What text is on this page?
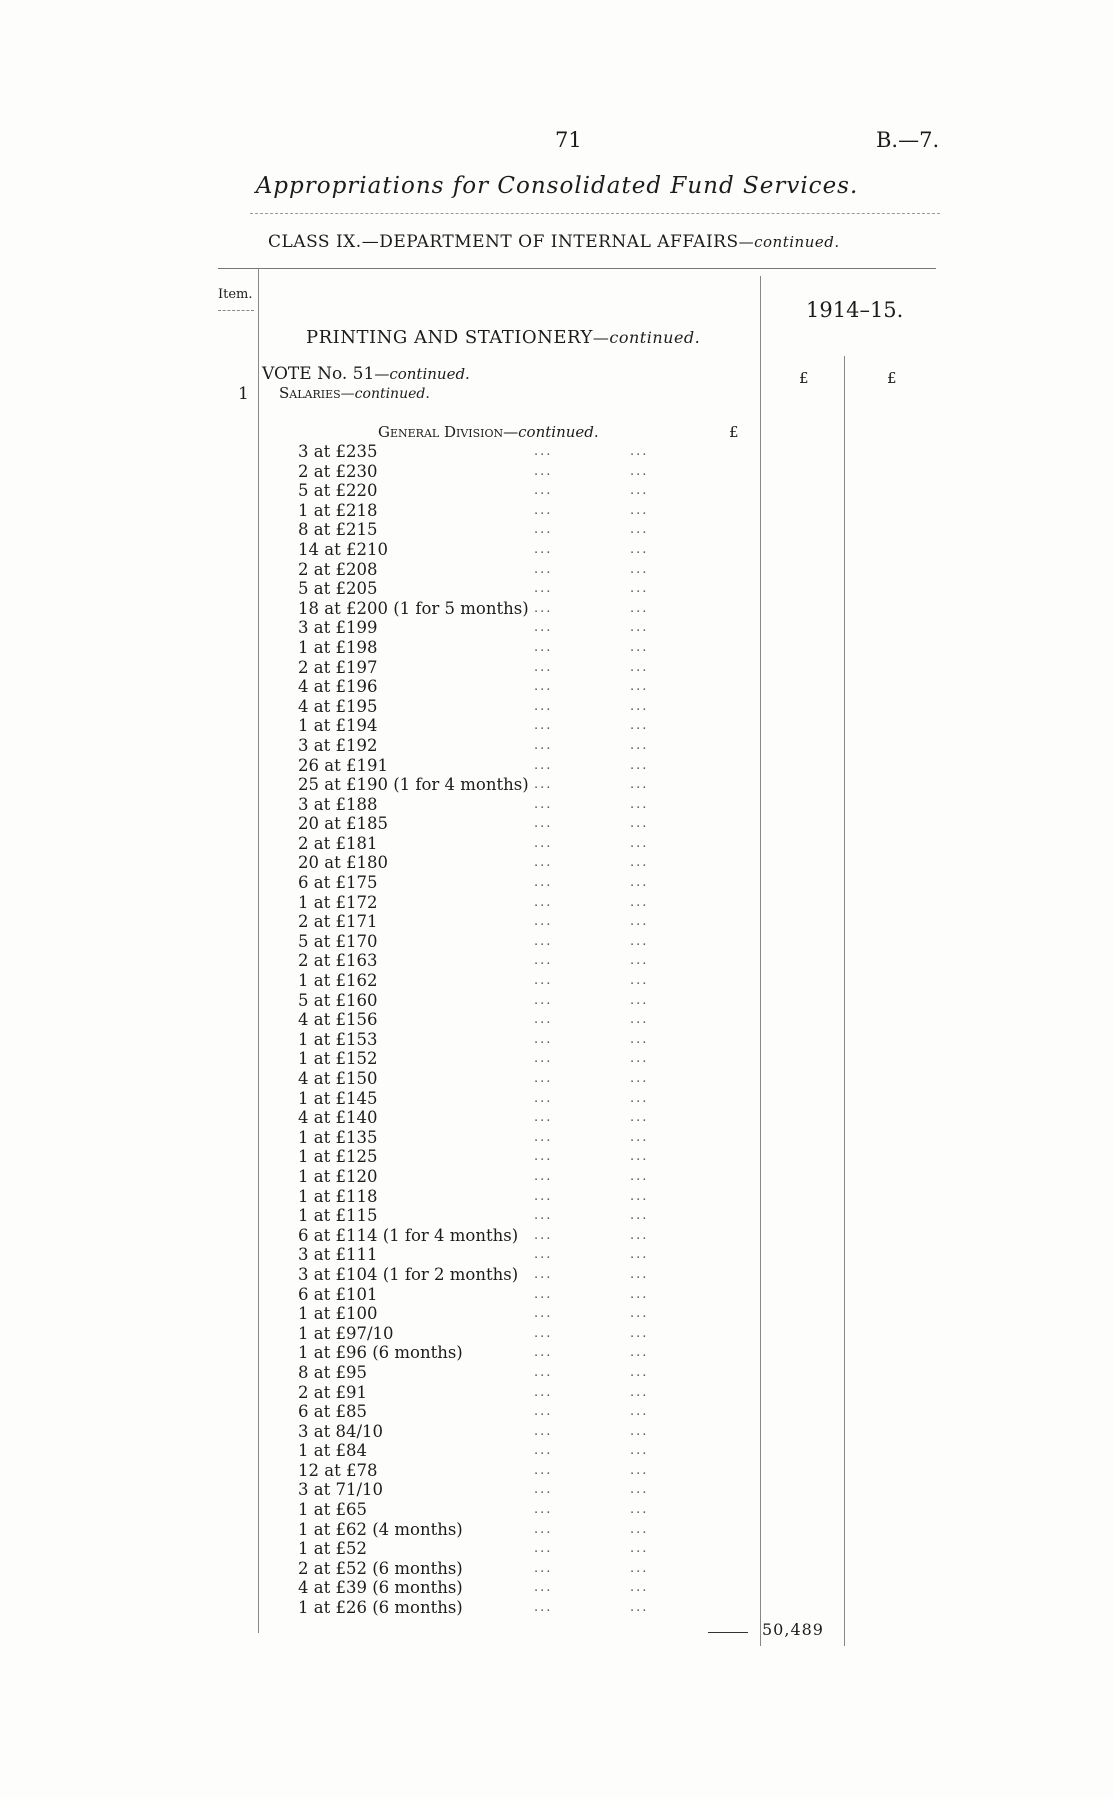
71	B.—7.
Appropriations for Consolidated Fund Services.
CLASS IX.—DEPARTMENT OF INTERNAL AFFAIRS—continued.
Item.
1914–15.
PRINTING AND STATIONERY—continued.
£	£
VOTE No. 51—continued.
1 Salaries—continued.
General Division—continued.	£
3 at £235	...	...
2 at £230	...	...
5 at £220	...	...
1 at £218	...	...
8 at £215	...	...
14 at £210	...	...
2 at £208	...	...
5 at £205	...	...
18 at £200 (1 for 5 months) ...	...
3 at £199	...	...
1 at £198	...	...
2 at £197	...	...
4 at £196	...	...
4 at £195	...	...
1 at £194	...	...
3 at £192	...	...
26 at £191	...	...
25 at £190 (1 for 4 months) ...	...
3 at £188	...	...
20 at £185	...	...
2 at £181	...	...
20 at £180	...	...
6 at £175	...	...
1 at £172	...	...
2 at £171	...	...
5 at £170	...	...
2 at £163	...	...
1 at £162	...	...
5 at £160	...	...
4 at £156	...	...
1 at £153	...	...
1 at £152	...	...
4 at £150	...	...
1 at £145	...	...
4 at £140	...	...
1 at £135	...	...
1 at £125	...	...
1 at £120	...	...
1 at £118	...	...
1 at £115	...	...
6 at £114 (1 for 4 months) ...	...
3 at £111	...	...
3 at £104 (1 for 2 months) ...	...
6 at £101	...	...
1 at £100	...	...
1 at £97/10	...	...
1 at £96 (6 months)	...	...
8 at £95	...	...
2 at £91	...	...
6 at £85	...	...
3 at 84/10	...	...
1 at £84	...	...
12 at £78	...	...
3 at 71/10	...	...
1 at £65	...	...
1 at £62 (4 months)	...	...
1 at £52	...	...
2 at £52 (6 months)	...	...
4 at £39 (6 months)	...	...
1 at £26 (6 months)	...	...
50,489
